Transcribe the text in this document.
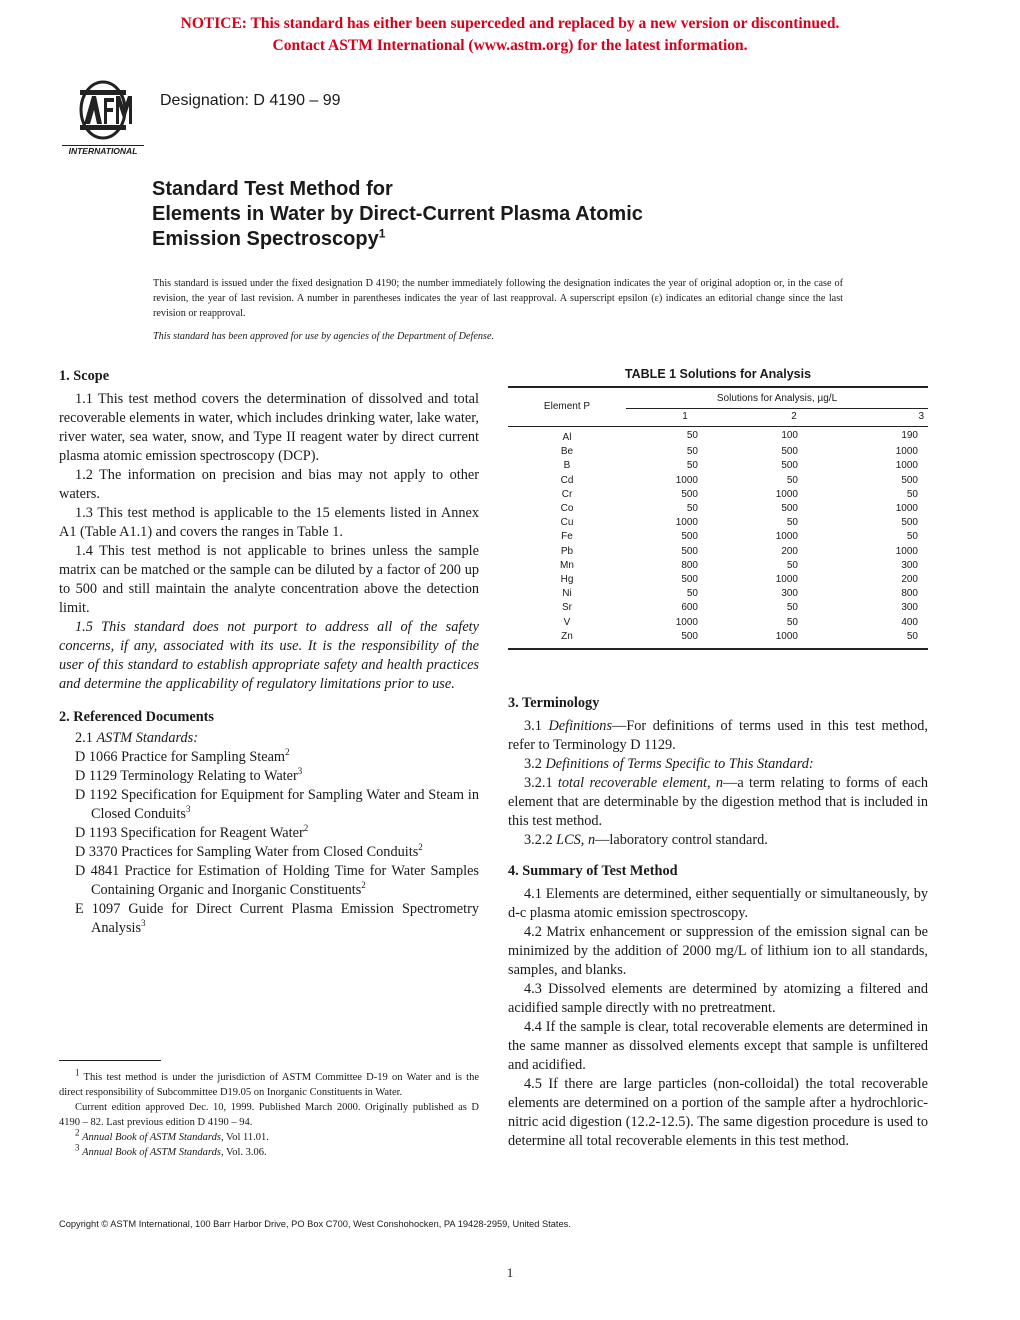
NOTICE: This standard has either been superceded and replaced by a new version or discontinued.
Contact ASTM International (www.astm.org) for the latest information.
INTERNATIONAL
Designation: D 4190 – 99
Standard Test Method for
Elements in Water by Direct-Current Plasma Atomic
Emission Spectroscopy$^1$
This standard is issued under the fixed designation D 4190; the number immediately following the designation indicates the year of original adoption or, in the case of revision, the year of last revision. A number in parentheses indicates the year of last reapproval. A superscript epsilon (ε) indicates an editorial change since the last revision or reapproval.
This standard has been approved for use by agencies of the Department of Defense.
1. Scope

1.1 This test method covers the determination of dissolved and total recoverable elements in water, which includes drinking water, lake water, river water, sea water, snow, and Type II reagent water by direct current plasma atomic emission spectroscopy (DCP).

1.2 The information on precision and bias may not apply to other waters.

1.3 This test method is applicable to the 15 elements listed in Annex A1 (Table A1.1) and covers the ranges in Table 1.

1.4 This test method is not applicable to brines unless the sample matrix can be matched or the sample can be diluted by a factor of 200 up to 500 and still maintain the analyte concentration above the detection limit.

1.5 This standard does not purport to address all of the safety concerns, if any, associated with its use. It is the responsibility of the user of this standard to establish appropriate safety and health practices and determine the applicability of regulatory limitations prior to use.

2. Referenced Documents

2.1 ASTM Standards:

D 1066 Practice for Sampling Steam$^2$

D 1129 Terminology Relating to Water$^3$

D 1192 Specification for Equipment for Sampling Water and Steam in Closed Conduits$^3$

D 1193 Specification for Reagent Water$^2$

D 3370 Practices for Sampling Water from Closed Conduits$^2$

D 4841 Practice for Estimation of Holding Time for Water Samples Containing Organic and Inorganic Constituents$^2$

E 1097 Guide for Direct Current Plasma Emission Spectrometry Analysis$^3$

$^1$ This test method is under the jurisdiction of ASTM Committee D-19 on Water and is the direct responsibility of Subcommittee D19.05 on Inorganic Constituents in Water.

Current edition approved Dec. 10, 1999. Published March 2000. Originally published as D 4190 – 82. Last previous edition D 4190 – 94.

$^2$ Annual Book of ASTM Standards, Vol 11.01.

$^3$ Annual Book of ASTM Standards, Vol. 3.06.

TABLE 1 Solutions for Analysis
Element P	Solutions for Analysis, µg/L		
	1	2	3
Al	50	100	190
Be	50	500	1000
B	50	500	1000
Cd	1000	50	500
Cr	500	1000	50
Co	50	500	1000
Cu	1000	50	500
Fe	500	1000	50
Pb	500	200	1000
Mn	800	50	300
Hg	500	1000	200
Ni	50	300	800
Sr	600	50	300
V	1000	50	400
Zn	500	1000	50
3. Terminology

3.1 Definitions—For definitions of terms used in this test method, refer to Terminology D 1129.

3.2 Definitions of Terms Specific to This Standard:

3.2.1 total recoverable element, n—a term relating to forms of each element that are determinable by the digestion method that is included in this test method.

3.2.2 LCS, n—laboratory control standard.

4. Summary of Test Method

4.1 Elements are determined, either sequentially or simultaneously, by d-c plasma atomic emission spectroscopy.

4.2 Matrix enhancement or suppression of the emission signal can be minimized by the addition of 2000 mg/L of lithium ion to all standards, samples, and blanks.

4.3 Dissolved elements are determined by atomizing a filtered and acidified sample directly with no pretreatment.

4.4 If the sample is clear, total recoverable elements are determined in the same manner as dissolved elements except that sample is unfiltered and acidified.

4.5 If there are large particles (non-colloidal) the total recoverable elements are determined on a portion of the sample after a hydrochloric-nitric acid digestion (12.2-12.5). The same digestion procedure is used to determine all total recoverable elements in this test method.

Copyright © ASTM International, 100 Barr Harbor Drive, PO Box C700, West Conshohocken, PA 19428-2959, United States.
1
